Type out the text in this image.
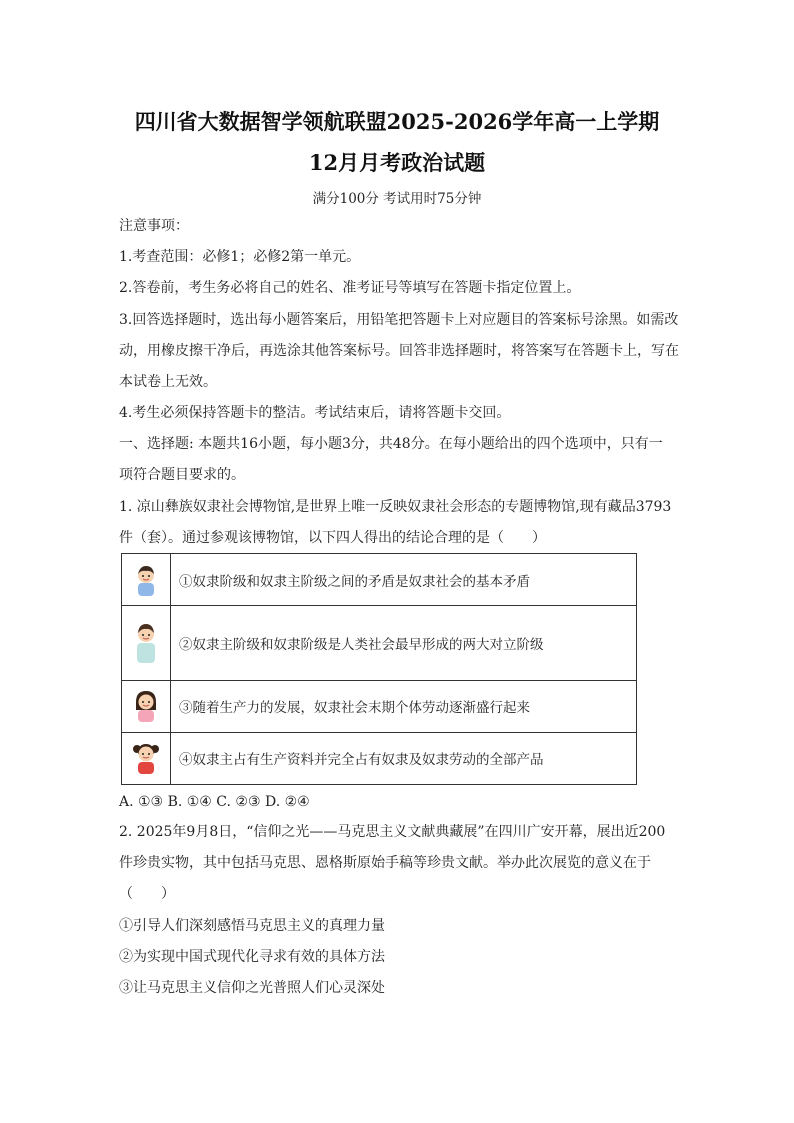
四川省大数据智学领航联盟2025-2026学年高一上学期
12月月考政治试题
满分100分 考试用时75分钟
注意事项：
1.考查范围：必修1；必修2第一单元。
2.答卷前，考生务必将自己的姓名、准考证号等填写在答题卡指定位置上。
3.回答选择题时，选出每小题答案后，用铅笔把答题卡上对应题目的答案标号涂黑。如需改
动，用橡皮擦干净后，再选涂其他答案标号。回答非选择题时，将答案写在答题卡上，写在
本试卷上无效。
4.考生必须保持答题卡的整洁。考试结束后，请将答题卡交回。
一、选择题: 本题共16小题，每小题3分，共48分。在每小题给出的四个选项中，只有一
项符合题目要求的。
1. 凉山彝族奴隶社会博物馆,是世界上唯一反映奴隶社会形态的专题博物馆,现有藏品3793
件（套）。通过参观该博物馆，以下四人得出的结论合理的是（　　）
	①奴隶阶级和奴隶主阶级之间的矛盾是奴隶社会的基本矛盾

	②奴隶主阶级和奴隶阶级是人类社会最早形成的两大对立阶级

	③随着生产力的发展，奴隶社会末期个体劳动逐渐盛行起来

	④奴隶主占有生产资料并完全占有奴隶及奴隶劳动的全部产品
A. ①③ B. ①④ C. ②③ D. ②④
2. 2025年9月8日，“信仰之光——马克思主义文献典藏展”在四川广安开幕，展出近200
件珍贵实物，其中包括马克思、恩格斯原始手稿等珍贵文献。举办此次展览的意义在于
（　　）
①引导人们深刻感悟马克思主义的真理力量
②为实现中国式现代化寻求有效的具体方法
③让马克思主义信仰之光普照人们心灵深处
